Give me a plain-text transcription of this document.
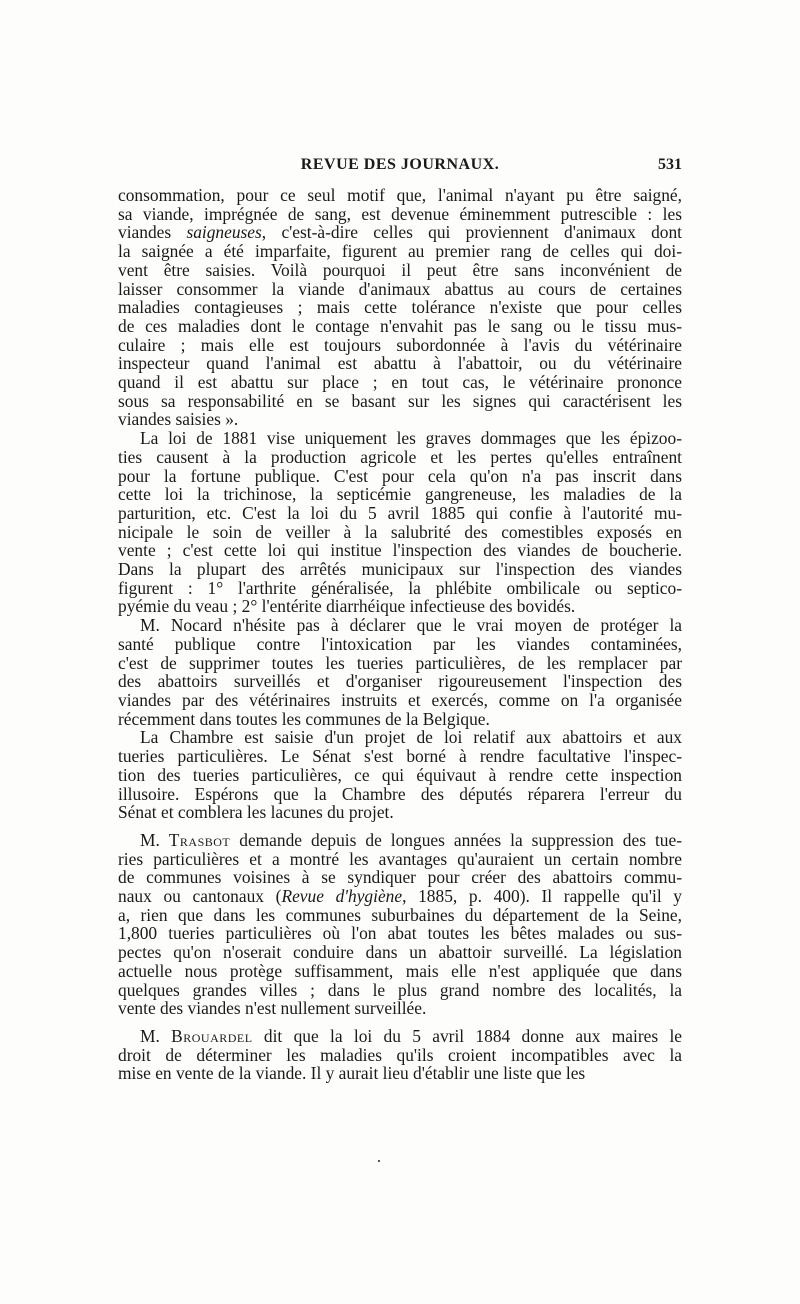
REVUE DES JOURNAUX.	531
consommation, pour ce seul motif que, l'animal n'ayant pu être saigné,
sa viande, imprégnée de sang, est devenue éminemment putrescible : les
viandes saigneuses, c'est-à-dire celles qui proviennent d'animaux dont
la saignée a été imparfaite, figurent au premier rang de celles qui doi-
vent être saisies. Voilà pourquoi il peut être sans inconvénient de
laisser consommer la viande d'animaux abattus au cours de certaines
maladies contagieuses ; mais cette tolérance n'existe que pour celles
de ces maladies dont le contage n'envahit pas le sang ou le tissu mus-
culaire ; mais elle est toujours subordonnée à l'avis du vétérinaire
inspecteur quand l'animal est abattu à l'abattoir, ou du vétérinaire
quand il est abattu sur place ; en tout cas, le vétérinaire prononce
sous sa responsabilité en se basant sur les signes qui caractérisent les
viandes saisies ».
La loi de 1881 vise uniquement les graves dommages que les épizoo-
ties causent à la production agricole et les pertes qu'elles entraînent
pour la fortune publique. C'est pour cela qu'on n'a pas inscrit dans
cette loi la trichinose, la septicémie gangreneuse, les maladies de la
parturition, etc. C'est la loi du 5 avril 1885 qui confie à l'autorité mu-
nicipale le soin de veiller à la salubrité des comestibles exposés en
vente ; c'est cette loi qui institue l'inspection des viandes de boucherie.
Dans la plupart des arrêtés municipaux sur l'inspection des viandes
figurent : 1° l'arthrite généralisée, la phlébite ombilicale ou septico-
pyémie du veau ; 2° l'entérite diarrhéique infectieuse des bovidés.
M. Nocard n'hésite pas à déclarer que le vrai moyen de protéger la
santé publique contre l'intoxication par les viandes contaminées,
c'est de supprimer toutes les tueries particulières, de les remplacer par
des abattoirs surveillés et d'organiser rigoureusement l'inspection des
viandes par des vétérinaires instruits et exercés, comme on l'a organisée
récemment dans toutes les communes de la Belgique.
La Chambre est saisie d'un projet de loi relatif aux abattoirs et aux
tueries particulières. Le Sénat s'est borné à rendre facultative l'inspec-
tion des tueries particulières, ce qui équivaut à rendre cette inspection
illusoire. Espérons que la Chambre des députés réparera l'erreur du
Sénat et comblera les lacunes du projet.
M. Trasbot demande depuis de longues années la suppression des tue-
ries particulières et a montré les avantages qu'auraient un certain nombre
de communes voisines à se syndiquer pour créer des abattoirs commu-
naux ou cantonaux (Revue d'hygiène, 1885, p. 400). Il rappelle qu'il y
a, rien que dans les communes suburbaines du département de la Seine,
1,800 tueries particulières où l'on abat toutes les bêtes malades ou sus-
pectes qu'on n'oserait conduire dans un abattoir surveillé. La législation
actuelle nous protège suffisamment, mais elle n'est appliquée que dans
quelques grandes villes ; dans le plus grand nombre des localités, la
vente des viandes n'est nullement surveillée.
M. Brouardel dit que la loi du 5 avril 1884 donne aux maires le
droit de déterminer les maladies qu'ils croient incompatibles avec la
mise en vente de la viande. Il y aurait lieu d'établir une liste que les
